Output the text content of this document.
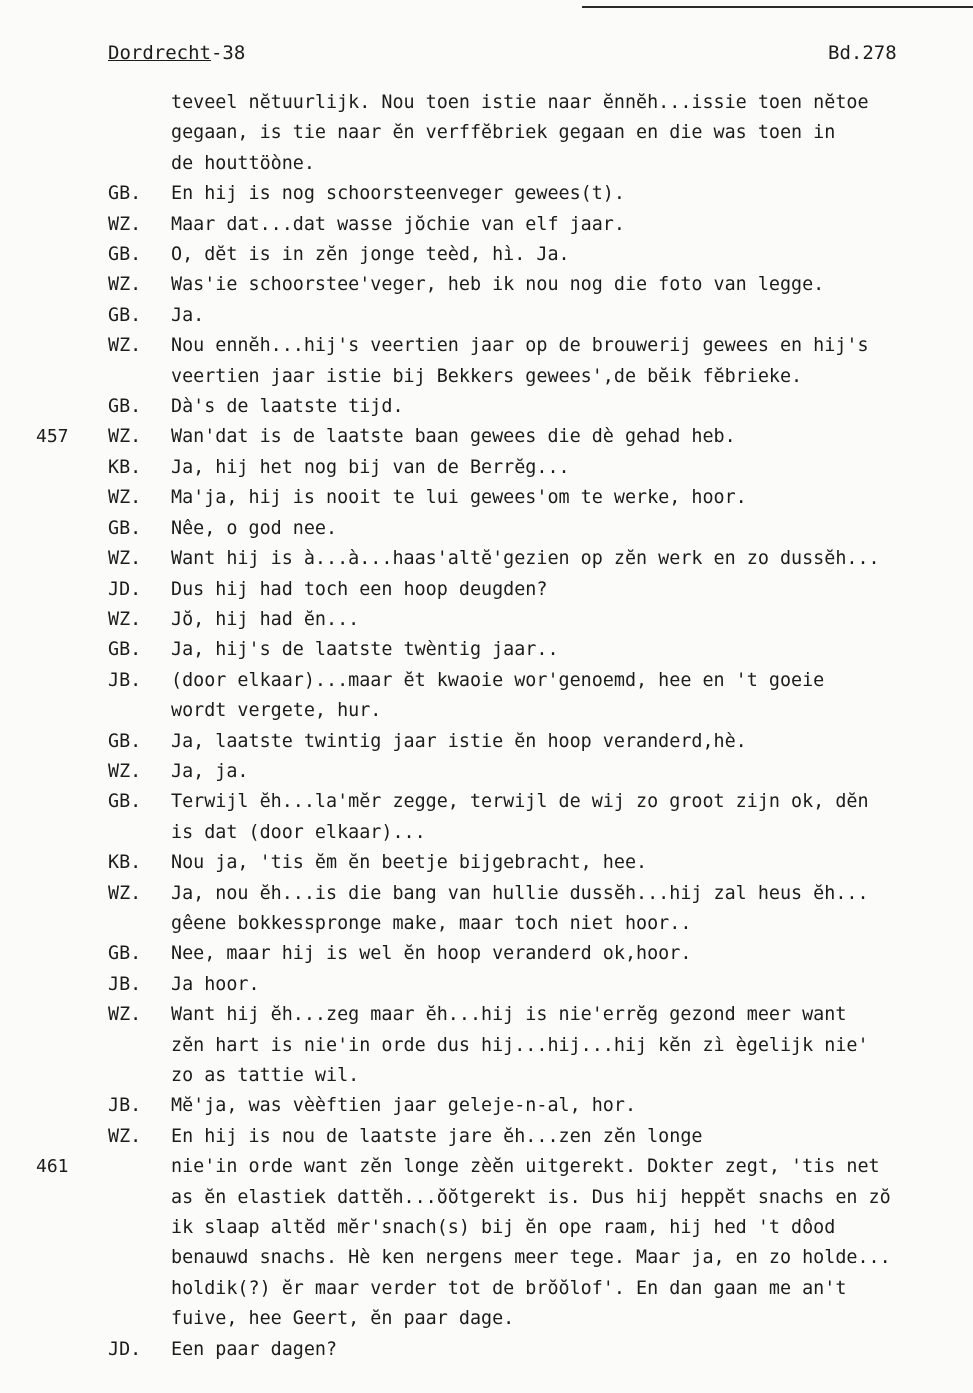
Dordrecht-38	Bd.278
457
461
teveel nĕtuurlijk. Nou toen istie naar ĕnnĕh...issie toen nĕtoe
gegaan, is tie naar ĕn verffĕbriek gegaan en die was toen in
de houttöòne.
GB.	En hij is nog schoorsteenveger gewees(t).
WZ.	Maar dat...dat wasse jŏchie van elf jaar.
GB.	O, dĕt is in zĕn jonge teèd, hì. Ja.
WZ.	Was'ie schoorstee'veger, heb ik nou nog die foto van legge.
GB.	Ja.
WZ.	Nou ennĕh...hij's veertien jaar op de brouwerij gewees en hij's
veertien jaar istie bij Bekkers gewees',de bĕik fĕbrieke.
GB.	Dà's de laatste tijd.
WZ.	Wan'dat is de laatste baan gewees die dè gehad heb.
KB.	Ja, hij het nog bij van de Berrĕg...
WZ.	Ma'ja, hij is nooit te lui gewees'om te werke, hoor.
GB.	Nêe, o god nee.
WZ.	Want hij is à...à...haas'altĕ'gezien op zĕn werk en zo dussĕh...
JD.	Dus hij had toch een hoop deugden?
WZ.	Jŏ, hij had ĕn...
GB.	Ja, hij's de laatste twèntig jaar..
JB.	(door elkaar)...maar ĕt kwaoie wor'genoemd, hee en 't goeie
wordt vergete, hur.
GB.	Ja, laatste twintig jaar istie ĕn hoop veranderd,hè.
WZ.	Ja, ja.
GB.	Terwijl ĕh...la'mĕr zegge, terwijl de wij zo groot zijn ok, dĕn
is dat (door elkaar)...
KB.	Nou ja, 'tis ĕm ĕn beetje bijgebracht, hee.
WZ.	Ja, nou ĕh...is die bang van hullie dussĕh...hij zal heus ĕh...
gêene bokkesspronge make, maar toch niet hoor..
GB.	Nee, maar hij is wel ĕn hoop veranderd ok,hoor.
JB.	Ja hoor.
WZ.	Want hij ĕh...zeg maar ĕh...hij is nie'errĕg gezond meer want
zĕn hart is nie'in orde dus hij...hij...hij kĕn zì ègelijk nie'
zo as tattie wil.
JB.	Mĕ'ja, was vèèftien jaar geleje-n-al, hor.
WZ.	En hij is nou de laatste jare ĕh...zen zĕn longe
nie'in orde want zĕn longe zèĕn uitgerekt. Dokter zegt, 'tis net
as ĕn elastiek dattĕh...ŏŏtgerekt is. Dus hij heppĕt snachs en zŏ
ik slaap altĕd mĕr'snach(s) bij ĕn ope raam, hij hed 't dôod
benauwd snachs. Hè ken nergens meer tege. Maar ja, en zo holde...
holdik(?) ĕr maar verder tot de brŏŏlof'. En dan gaan me an't
fuive, hee Geert, ĕn paar dage.
JD.	Een paar dagen?
